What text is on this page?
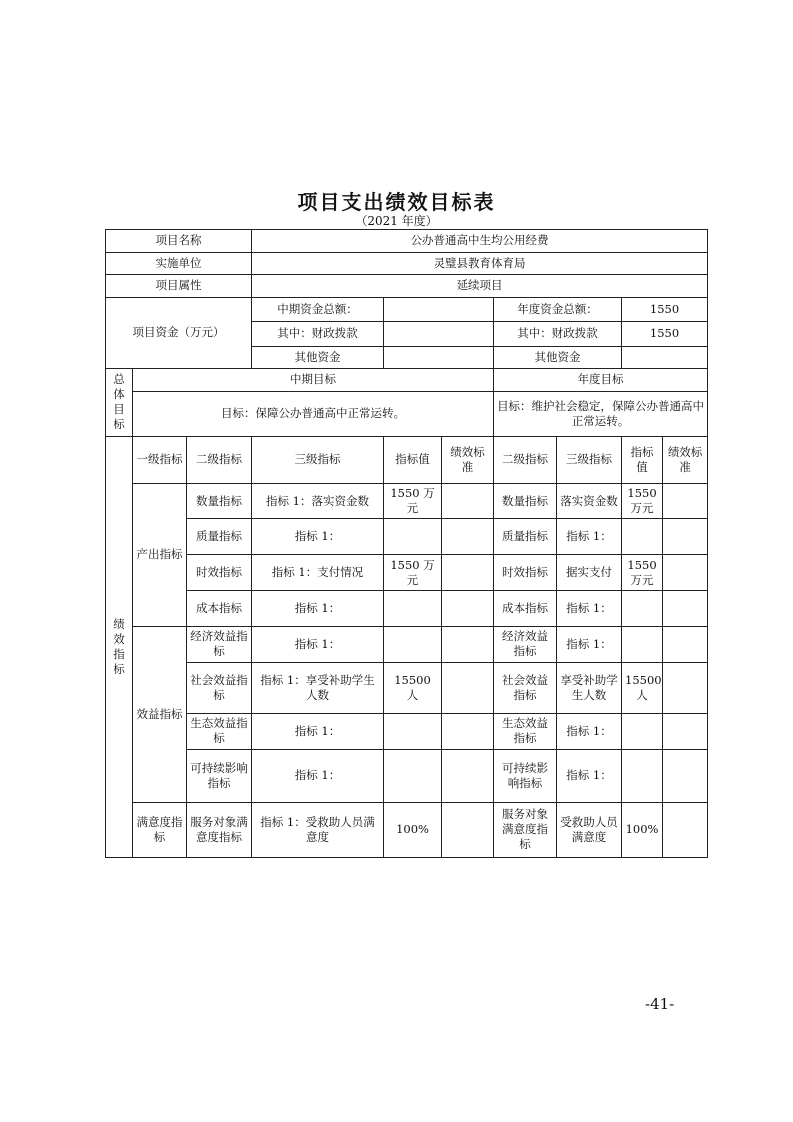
项目支出绩效目标表
（2021 年度）
项目名称			公办普通高中生均公用经费						
实施单位			灵璧县教育体育局						
项目属性			延续项目						
项目资金（万元）			中期资金总额：			年度资金总额：		1550	
			其中：财政拨款			其中：财政拨款		1550	
			其他资金			其他资金			
总体目标	中期目标					年度目标			
	目标：保障公办普通高中正常运转。					目标：维护社会稳定，保障公办普通高中正常运转。			
绩效指标	一级指标	二级指标	三级指标	指标值	绩效标准	二级指标	三级指标	指标值	绩效标准
	产出指标	数量指标	指标 1：落实资金数	1550 万元		数量指标	落实资金数	1550 万元	
		质量指标	指标 1：			质量指标	指标 1：		
		时效指标	指标 1：支付情况	1550 万元		时效指标	据实支付	1550 万元	
		成本指标	指标 1：			成本指标	指标 1：		
	效益指标	经济效益指标	指标 1：			经济效益指标	指标 1：		
		社会效益指标	指标 1：享受补助学生人数	15500 人		社会效益指标	享受补助学生人数	15500 人	
		生态效益指标	指标 1：			生态效益指标	指标 1：		
		可持续影响指标	指标 1：			可持续影响指标	指标 1：		
	满意度指标	服务对象满意度指标	指标 1：受救助人员满意度	100%		服务对象满意度指标	受救助人员满意度	100%	
-41-
